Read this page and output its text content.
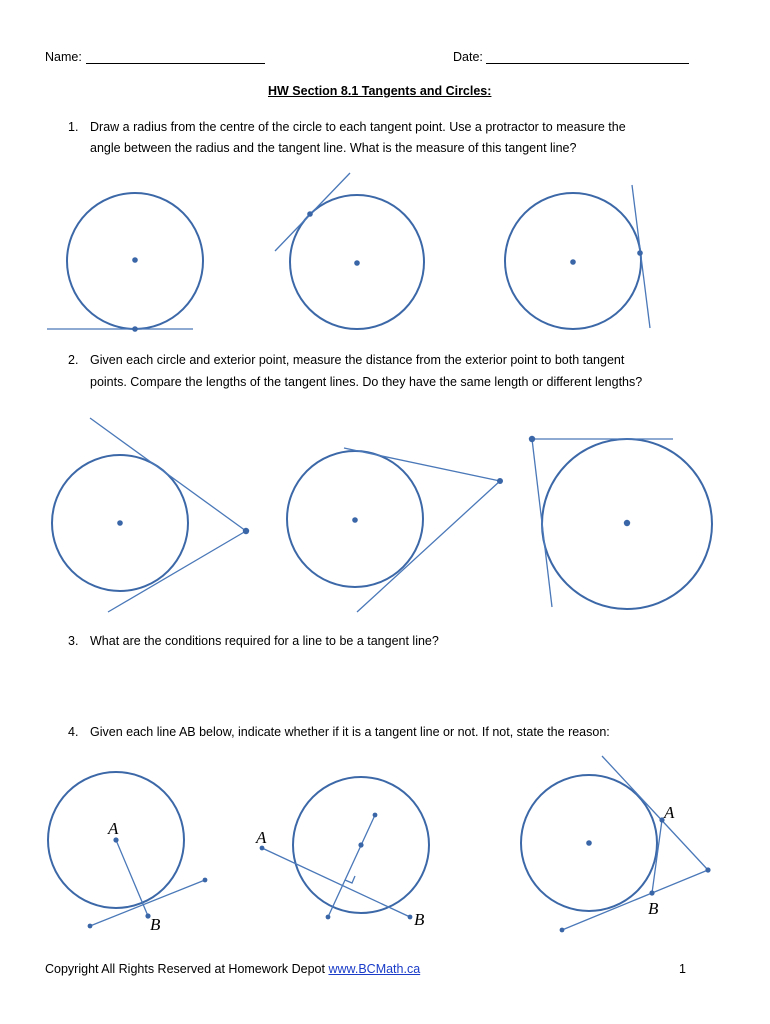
Name:	Date:
HW Section 8.1 Tangents and Circles:
1. Draw a radius from the centre of the circle to each tangent point. Use a protractor to measure the
angle between the radius and the tangent line. What is the measure of this tangent line?
2. Given each circle and exterior point, measure the distance from the exterior point to both tangent
points. Compare the lengths of the tangent lines. Do they have the same length or different lengths?
3. What are the conditions required for a line to be a tangent line?
4. Given each line AB below, indicate whether if it is a tangent line or not. If not, state the reason:
A
B
A
B
A
B
Copyright All Rights Reserved at Homework Depot www.BCMath.ca	1
